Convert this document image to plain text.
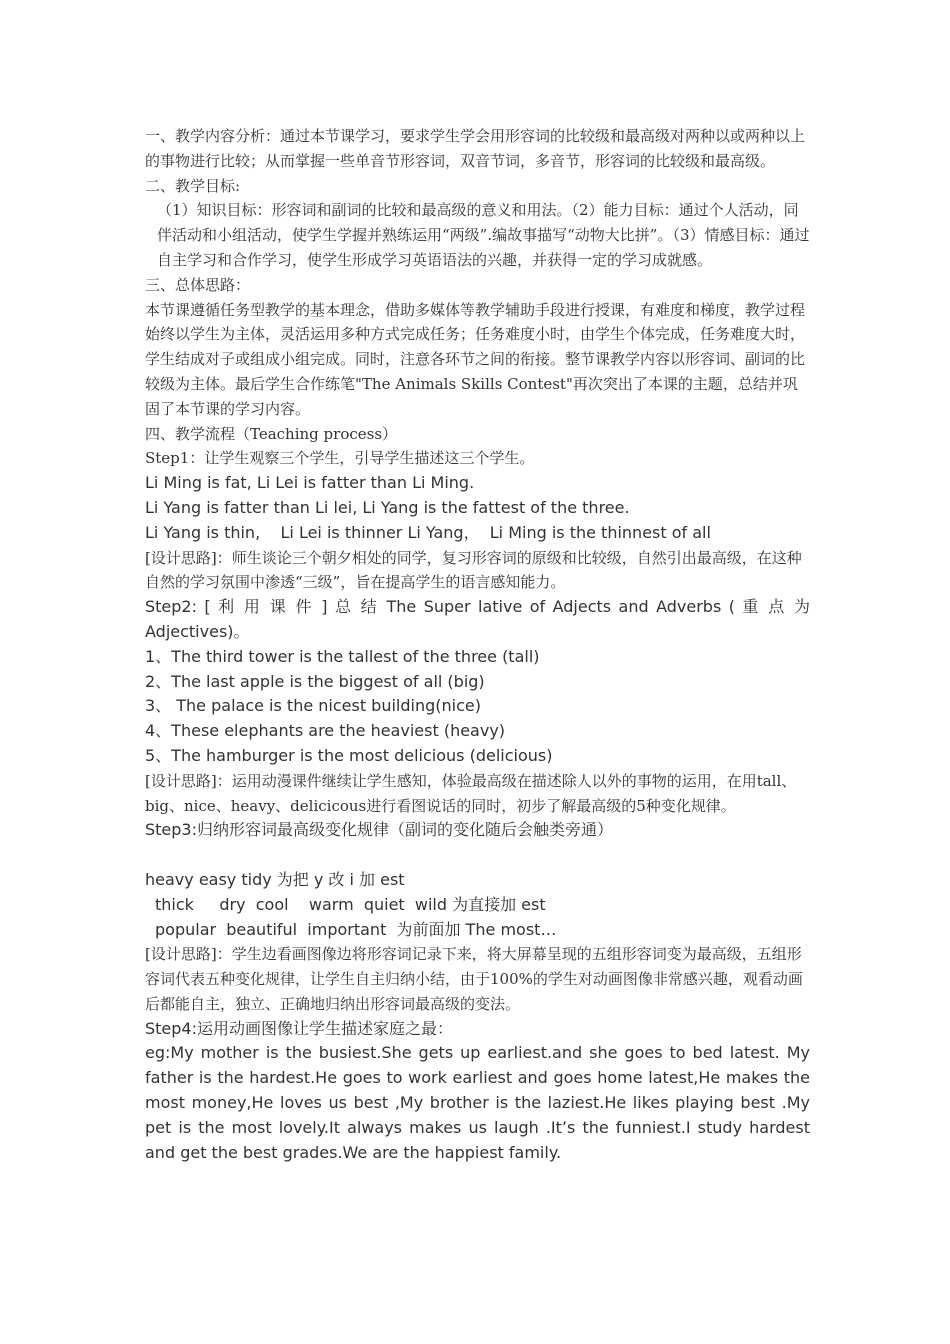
一、教学内容分析：通过本节课学习，要求学生学会用形容词的比较级和最高级对两种以或两种以上的事物进行比较；从而掌握一些单音节形容词，双音节词，多音节，形容词的比较级和最高级。

二、教学目标:

（1）知识目标：形容词和副词的比较和最高级的意义和用法。（2）能力目标：通过个人活动，同伴活动和小组活动，使学生学握并熟练运用“两级”.编故事描写“动物大比拼”。（3）情感目标：通过自主学习和合作学习，使学生形成学习英语语法的兴趣，并获得一定的学习成就感。

三、总体思路：

本节课遵循任务型教学的基本理念，借助多媒体等教学辅助手段进行授课，有难度和梯度，教学过程始终以学生为主体，灵活运用多种方式完成任务；任务难度小时，由学生个体完成，任务难度大时，学生结成对子或组成小组完成。同时，注意各环节之间的衔接。整节课教学内容以形容词、副词的比较级为主体。最后学生合作练笔"The Animals Skills Contest"再次突出了本课的主题，总结并巩固了本节课的学习内容。

四、教学流程（Teaching process）

Step1：让学生观察三个学生，引导学生描述这三个学生。

Li Ming is fat, Li Lei is fatter than Li Ming.

Li Yang is fatter than Li lei, Li Yang is the fattest of the three.

Li Yang is thin,    Li Lei is thinner Li Yang，  Li Ming is the thinnest of all

[设计思路]：师生谈论三个朝夕相处的同学，复习形容词的原级和比较级，自然引出最高级，在这种自然的学习氛围中渗透“三级”，旨在提高学生的语言感知能力。

Step2: [ 利 用 课 件 ] 总 结 The Super lative of Adjects and Adverbs ( 重 点 为 Adjectives)。

1、The third tower is the tallest of the three (tall)

2、The last apple is the biggest of all (big)

3、 The palace is the nicest building(nice)

4、These elephants are the heaviest (heavy)

5、The hamburger is the most delicious (delicious)

[设计思路]：运用动漫课件继续让学生感知，体验最高级在描述除人以外的事物的运用，在用tall、big、nice、heavy、delicicous进行看图说话的同时，初步了解最高级的5种变化规律。

Step3:归纳形容词最高级变化规律（副词的变化随后会触类旁通）

heavy easy tidy 为把 y 改 i 加 est

thick     dry  cool    warm  quiet  wild 为直接加 est

popular  beautiful  important  为前面加 The most…

[设计思路]：学生边看画图像边将形容词记录下来，将大屏幕呈现的五组形容词变为最高级，五组形容词代表五种变化规律，让学生自主归纳小结，由于100%的学生对动画图像非常感兴趣，观看动画后都能自主，独立、正确地归纳出形容词最高级的变法。

Step4:运用动画图像让学生描述家庭之最：

eg:My mother is the busiest.She gets up earliest.and she goes to bed latest. My father is the hardest.He goes to work earliest and goes home latest,He makes the most money,He loves us best ,My brother is the laziest.He likes playing best .My pet is the most lovely.It always makes us laugh .It’s the funniest.I study hardest and get the best grades.We are the happiest family.
